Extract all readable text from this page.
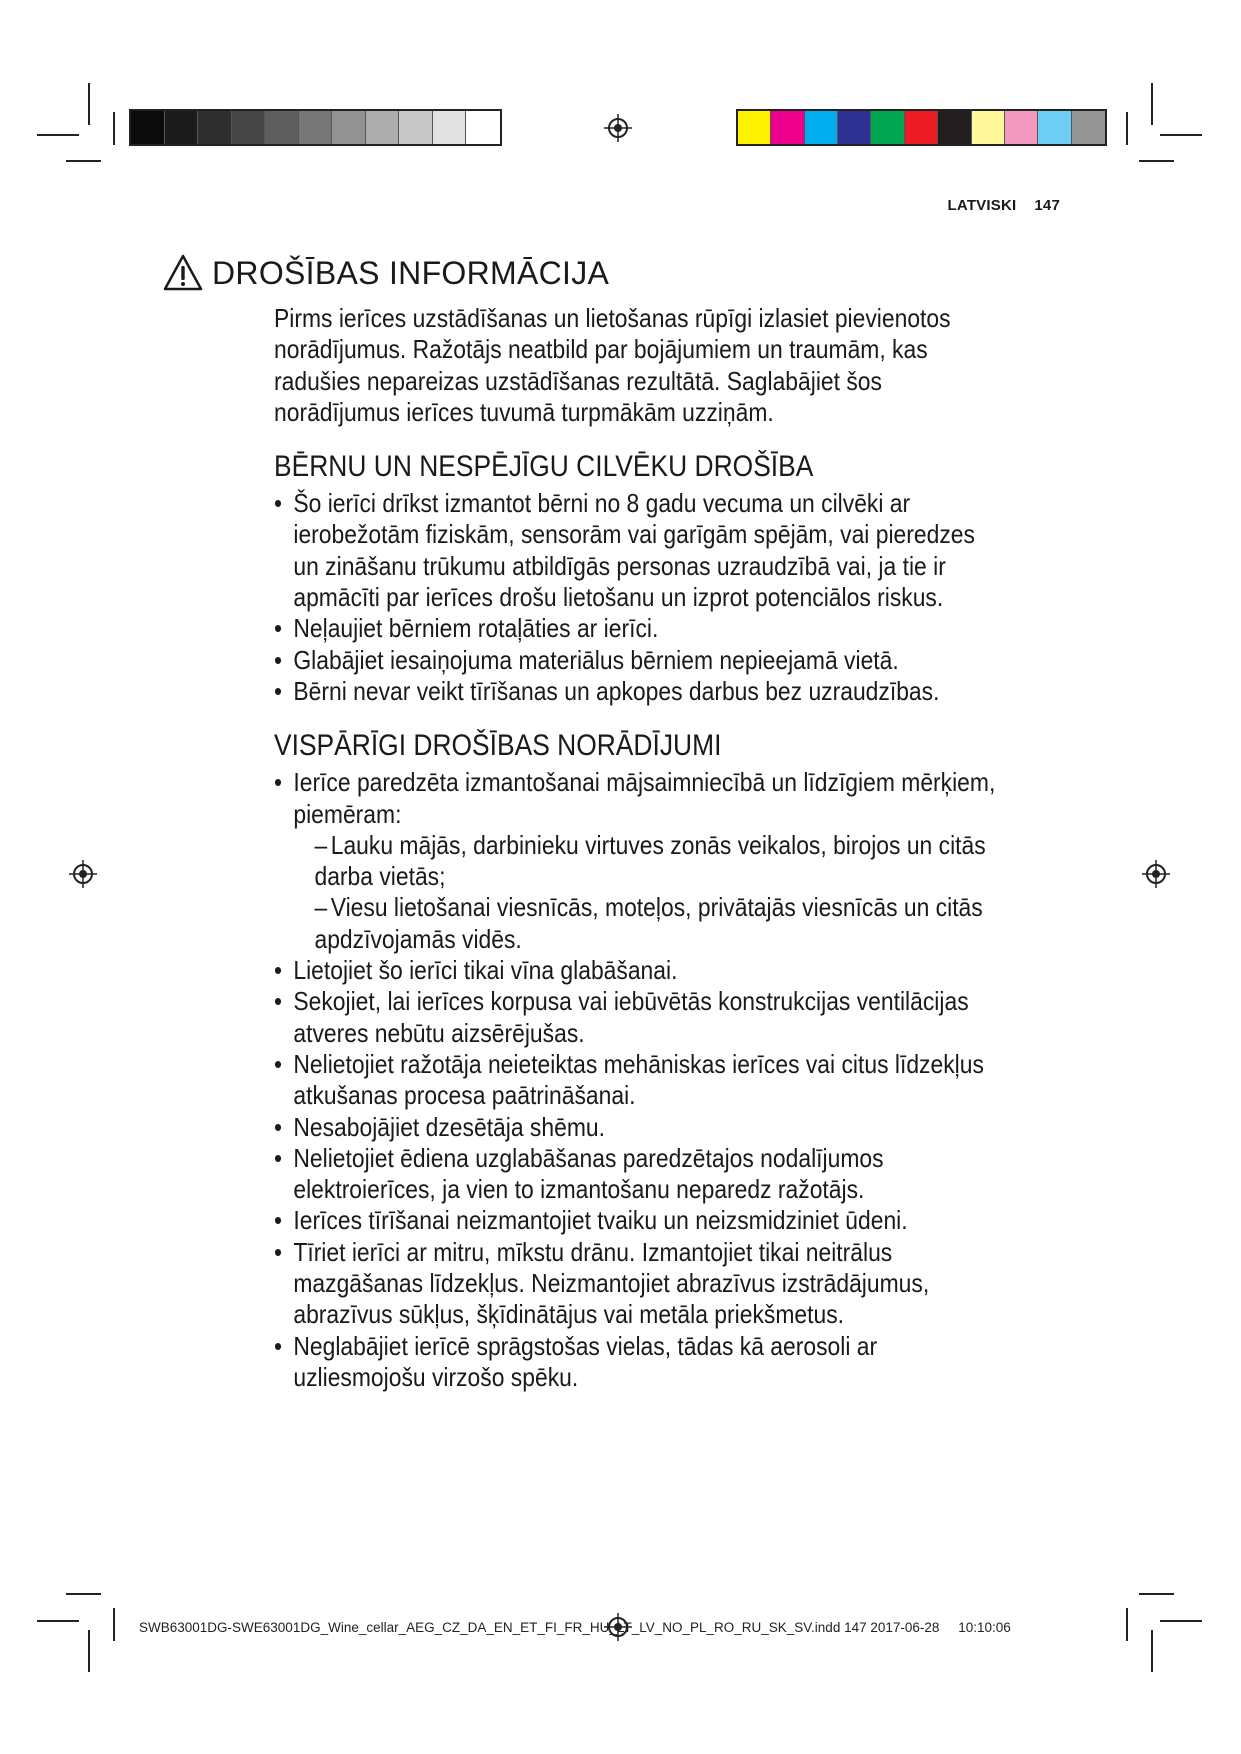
LATVISKI 147
DROŠĪBAS INFORMĀCIJA

Pirms ierīces uzstādīšanas un lietošanas rūpīgi izlasiet pievienotos norādījumus. Ražotājs neatbild par bojājumiem un traumām, kas radušies nepareizas uzstādīšanas rezultātā. Saglabājiet šos norādījumus ierīces tuvumā turpmākām uzziņām.

BĒRNU UN NESPĒJĪGU CILVĒKU DROŠĪBA
• Šo ierīci drīkst izmantot bērni no 8 gadu vecuma un cilvēki ar ierobežotām fiziskām, sensorām vai garīgām spējām, vai pieredzes un zināšanu trūkumu atbildīgās personas uzraudzībā vai, ja tie ir apmācīti par ierīces drošu lietošanu un izprot potenciālos riskus.
• Neļaujiet bērniem rotaļāties ar ierīci.
• Glabājiet iesaiņojuma materiālus bērniem nepieejamā vietā.
• Bērni nevar veikt tīrīšanas un apkopes darbus bez uzraudzības.
VISPĀRĪGI DROŠĪBAS NORĀDĪJUMI
• Ierīce paredzēta izmantošanai mājsaimniecībā un līdzīgiem mērķiem, piemēram:
– Lauku mājās, darbinieku virtuves zonās veikalos, birojos un citās darba vietās;
– Viesu lietošanai viesnīcās, moteļos, privātajās viesnīcās un citās apdzīvojamās vidēs.
• Lietojiet šo ierīci tikai vīna glabāšanai.
• Sekojiet, lai ierīces korpusa vai iebūvētās konstrukcijas ventilācijas atveres nebūtu aizsērējušas.
• Nelietojiet ražotāja neieteiktas mehāniskas ierīces vai citus līdzekļus atkušanas procesa paātrināšanai.
• Nesabojājiet dzesētāja shēmu.
• Nelietojiet ēdiena uzglabāšanas paredzētajos nodalījumos elektroierīces, ja vien to izmantošanu neparedz ražotājs.
• Ierīces tīrīšanai neizmantojiet tvaiku un neizsmidziniet ūdeni.
• Tīriet ierīci ar mitru, mīkstu drānu. Izmantojiet tikai neitrālus mazgāšanas līdzekļus. Neizmantojiet abrazīvus izstrādājumus, abrazīvus sūkļus, šķīdinātājus vai metāla priekšmetus.
• Neglabājiet ierīcē sprāgstošas vielas, tādas kā aerosoli ar uzliesmojošu virzošo spēku.
SWB63001DG-SWE63001DG_Wine_cellar_AEG_CZ_DA_EN_ET_FI_FR_HU_LT_LV_NO_PL_RO_RU_SK_SV.indd 147 2017-06-28 10:10:06
